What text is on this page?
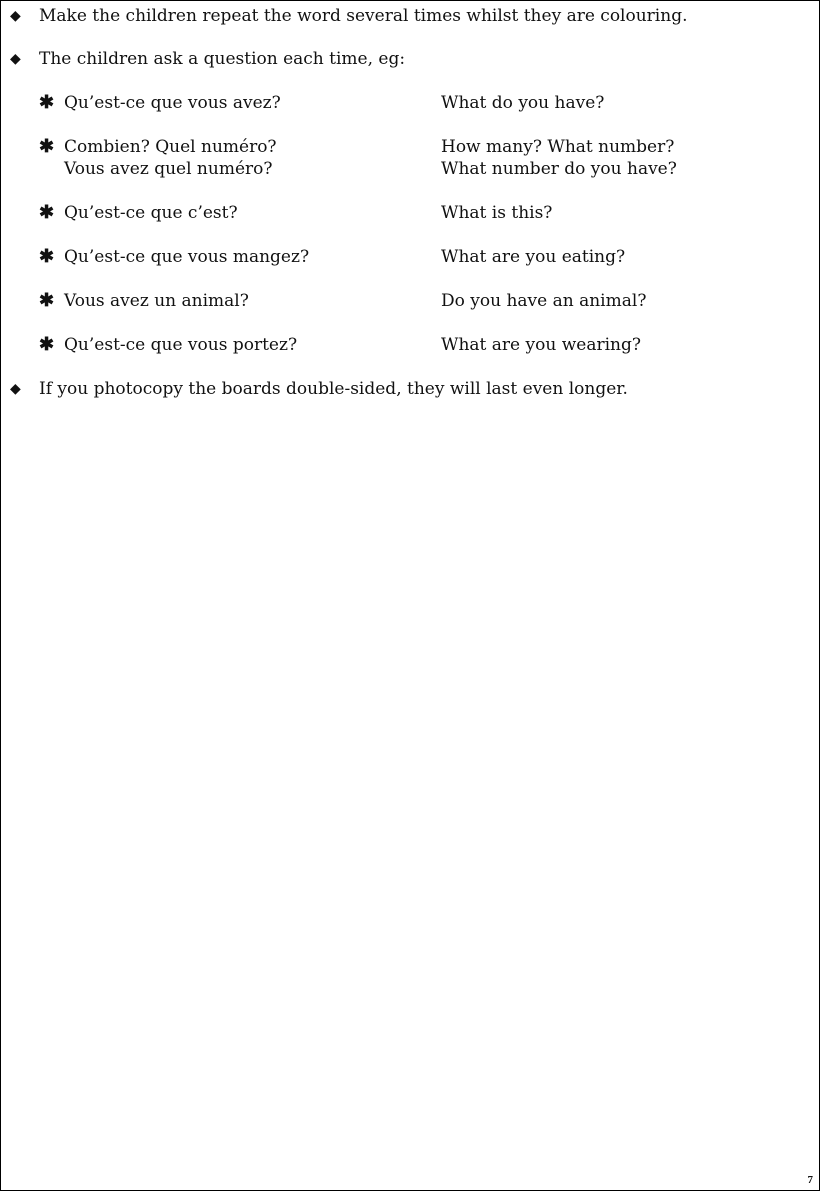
◆ Make the children repeat the word several times whilst they are colouring.
◆ The children ask a question each time, eg:
✱ Qu’est-ce que vous avez?	What do you have?
✱ Combien? Quel numéro?	How many? What number?
Vous avez quel numéro?	What number do you have?
✱ Qu’est-ce que c’est?	What is this?
✱ Qu’est-ce que vous mangez?	What are you eating?
✱ Vous avez un animal?	Do you have an animal?
✱ Qu’est-ce que vous portez?	What are you wearing?
◆ If you photocopy the boards double-sided, they will last even longer.
7
